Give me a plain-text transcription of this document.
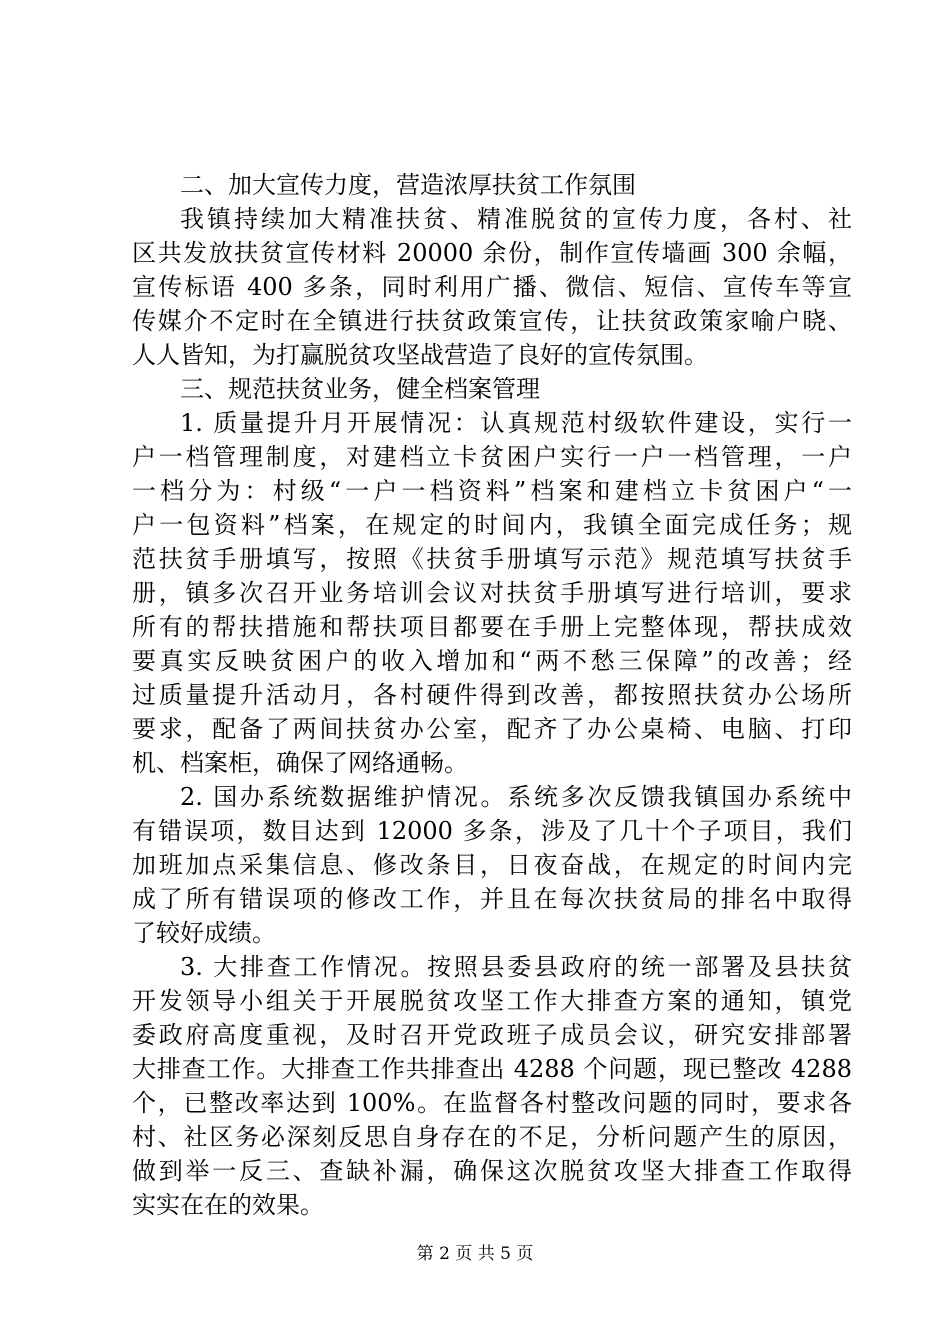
二、加大宣传力度，营造浓厚扶贫工作氛围
我镇持续加大精准扶贫、精准脱贫的宣传力度，各村、社
区共发放扶贫宣传材料 20000 余份，制作宣传墙画 300 余幅，
宣传标语 400 多条，同时利用广播、微信、短信、宣传车等宣
传媒介不定时在全镇进行扶贫政策宣传，让扶贫政策家喻户晓、
人人皆知，为打赢脱贫攻坚战营造了良好的宣传氛围。
三、规范扶贫业务，健全档案管理
1. 质量提升月开展情况：认真规范村级软件建设，实行一
户一档管理制度，对建档立卡贫困户实行一户一档管理，一户
一档分为：村级“一户一档资料”档案和建档立卡贫困户“一
户一包资料”档案，在规定的时间内，我镇全面完成任务；规
范扶贫手册填写，按照《扶贫手册填写示范》规范填写扶贫手
册，镇多次召开业务培训会议对扶贫手册填写进行培训，要求
所有的帮扶措施和帮扶项目都要在手册上完整体现，帮扶成效
要真实反映贫困户的收入增加和“两不愁三保障”的改善；经
过质量提升活动月，各村硬件得到改善，都按照扶贫办公场所
要求，配备了两间扶贫办公室，配齐了办公桌椅、电脑、打印
机、档案柜，确保了网络通畅。
2. 国办系统数据维护情况。系统多次反馈我镇国办系统中
有错误项，数目达到 12000 多条，涉及了几十个子项目，我们
加班加点采集信息、修改条目，日夜奋战，在规定的时间内完
成了所有错误项的修改工作，并且在每次扶贫局的排名中取得
了较好成绩。
3. 大排查工作情况。按照县委县政府的统一部署及县扶贫
开发领导小组关于开展脱贫攻坚工作大排查方案的通知，镇党
委政府高度重视，及时召开党政班子成员会议，研究安排部署
大排查工作。大排查工作共排查出 4288 个问题，现已整改 4288
个，已整改率达到 100%。在监督各村整改问题的同时，要求各
村、社区务必深刻反思自身存在的不足，分析问题产生的原因，
做到举一反三、查缺补漏，确保这次脱贫攻坚大排查工作取得
实实在在的效果。
第 2 页 共 5 页
